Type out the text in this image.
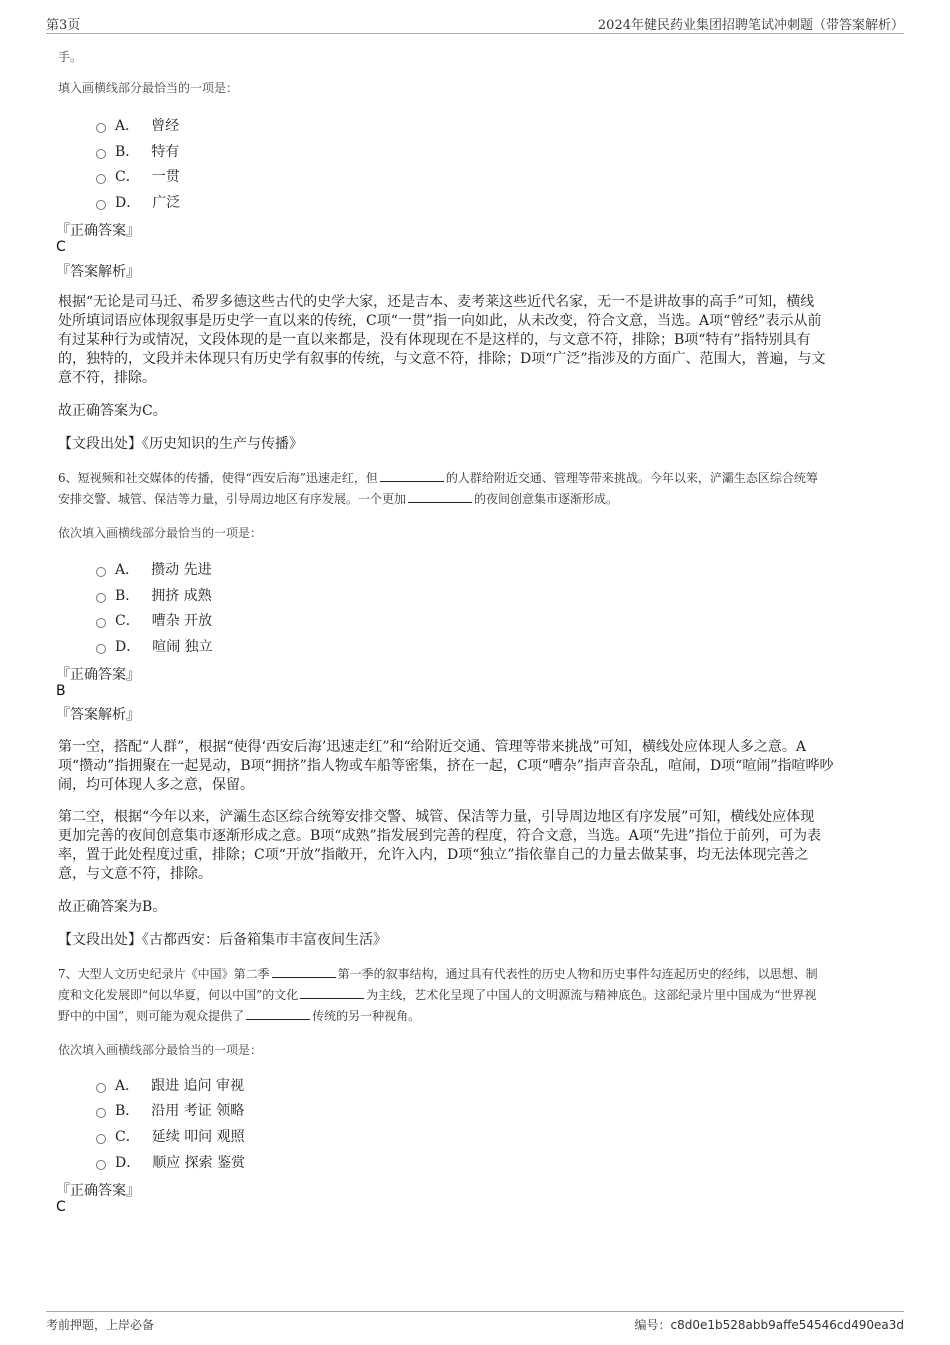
第3页	2024年健民药业集团招聘笔试冲刺题（带答案解析）
手。
填入画横线部分最恰当的一项是：
A． 曾经
B． 特有
C． 一贯
D． 广泛
『正确答案』
C
『答案解析』
根据“无论是司马迁、希罗多德这些古代的史学大家，还是吉本、麦考莱这些近代名家，无一不是讲故事的高手”可知，横线
处所填词语应体现叙事是历史学一直以来的传统，C项“一贯”指一向如此，从未改变，符合文意，当选。A项“曾经”表示从前
有过某种行为或情况，文段体现的是一直以来都是，没有体现现在不是这样的，与文意不符，排除；B项“特有”指特别具有
的，独特的，文段并未体现只有历史学有叙事的传统，与文意不符，排除；D项“广泛”指涉及的方面广、范围大，普遍，与文
意不符，排除。
故正确答案为C。
【文段出处】《历史知识的生产与传播》
6、短视频和社交媒体的传播，使得“西安后海”迅速走红，但	的人群给附近交通、管理等带来挑战。今年以来，浐灞生态区综合统筹
安排交警、城管、保洁等力量，引导周边地区有序发展。一个更加	的夜间创意集市逐渐形成。
依次填入画横线部分最恰当的一项是：
A． 攒动 先进
B． 拥挤 成熟
C． 嘈杂 开放
D． 喧闹 独立
『正确答案』
B
『答案解析』
第一空，搭配“人群”，根据“使得‘西安后海’迅速走红”和“给附近交通、管理等带来挑战”可知，横线处应体现人多之意。A
项“攒动”指拥聚在一起晃动，B项“拥挤”指人物或车船等密集，挤在一起，C项“嘈杂”指声音杂乱，喧闹，D项“喧闹”指喧哗吵
闹，均可体现人多之意，保留。
第二空，根据“今年以来，浐灞生态区综合统筹安排交警、城管、保洁等力量，引导周边地区有序发展”可知，横线处应体现
更加完善的夜间创意集市逐渐形成之意。B项“成熟”指发展到完善的程度，符合文意，当选。A项“先进”指位于前列，可为表
率，置于此处程度过重，排除；C项“开放”指敞开，允许入内，D项“独立”指依靠自己的力量去做某事，均无法体现完善之
意，与文意不符，排除。
故正确答案为B。
【文段出处】《古都西安：后备箱集市丰富夜间生活》
7、大型人文历史纪录片《中国》第二季	第一季的叙事结构，通过具有代表性的历史人物和历史事件勾连起历史的经纬，以思想、制
度和文化发展即“何以华夏，何以中国”的文化	为主线，艺术化呈现了中国人的文明源流与精神底色。这部纪录片里中国成为“世界视
野中的中国”，则可能为观众提供了	传统的另一种视角。
依次填入画横线部分最恰当的一项是：
A． 跟进 追问 审视
B． 沿用 考证 领略
C． 延续 叩问 观照
D． 顺应 探索 鉴赏
『正确答案』
C
考前押题，上岸必备	编号：c8d0e1b528abb9affe54546cd490ea3d
